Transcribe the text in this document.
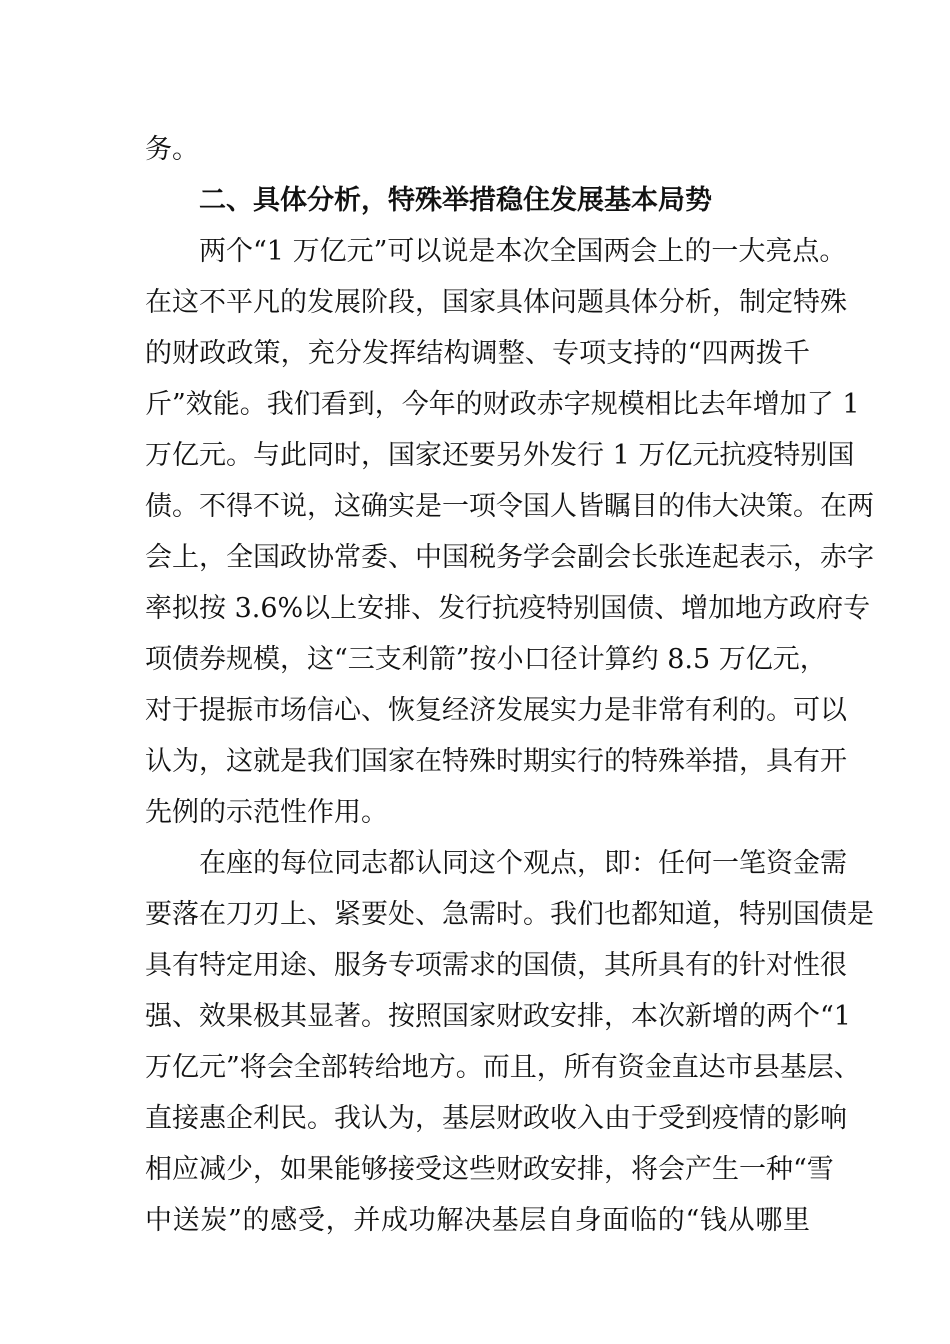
务。
二、具体分析，特殊举措稳住发展基本局势
两个“1 万亿元”可以说是本次全国两会上的一大亮点。
在这不平凡的发展阶段，国家具体问题具体分析，制定特殊
的财政政策，充分发挥结构调整、专项支持的“四两拨千
斤”效能。我们看到，今年的财政赤字规模相比去年增加了 1
万亿元。与此同时，国家还要另外发行 1 万亿元抗疫特别国
债。不得不说，这确实是一项令国人皆瞩目的伟大决策。在两
会上，全国政协常委、中国税务学会副会长张连起表示，赤字
率拟按 3.6%以上安排、发行抗疫特别国债、增加地方政府专
项债券规模，这“三支利箭”按小口径计算约 8.5 万亿元，
对于提振市场信心、恢复经济发展实力是非常有利的。可以
认为，这就是我们国家在特殊时期实行的特殊举措，具有开
先例的示范性作用。
在座的每位同志都认同这个观点，即：任何一笔资金需
要落在刀刃上、紧要处、急需时。我们也都知道，特别国债是
具有特定用途、服务专项需求的国债，其所具有的针对性很
强、效果极其显著。按照国家财政安排，本次新增的两个“1
万亿元”将会全部转给地方。而且，所有资金直达市县基层、
直接惠企利民。我认为，基层财政收入由于受到疫情的影响
相应减少，如果能够接受这些财政安排，将会产生一种“雪
中送炭”的感受，并成功解决基层自身面临的“钱从哪里
